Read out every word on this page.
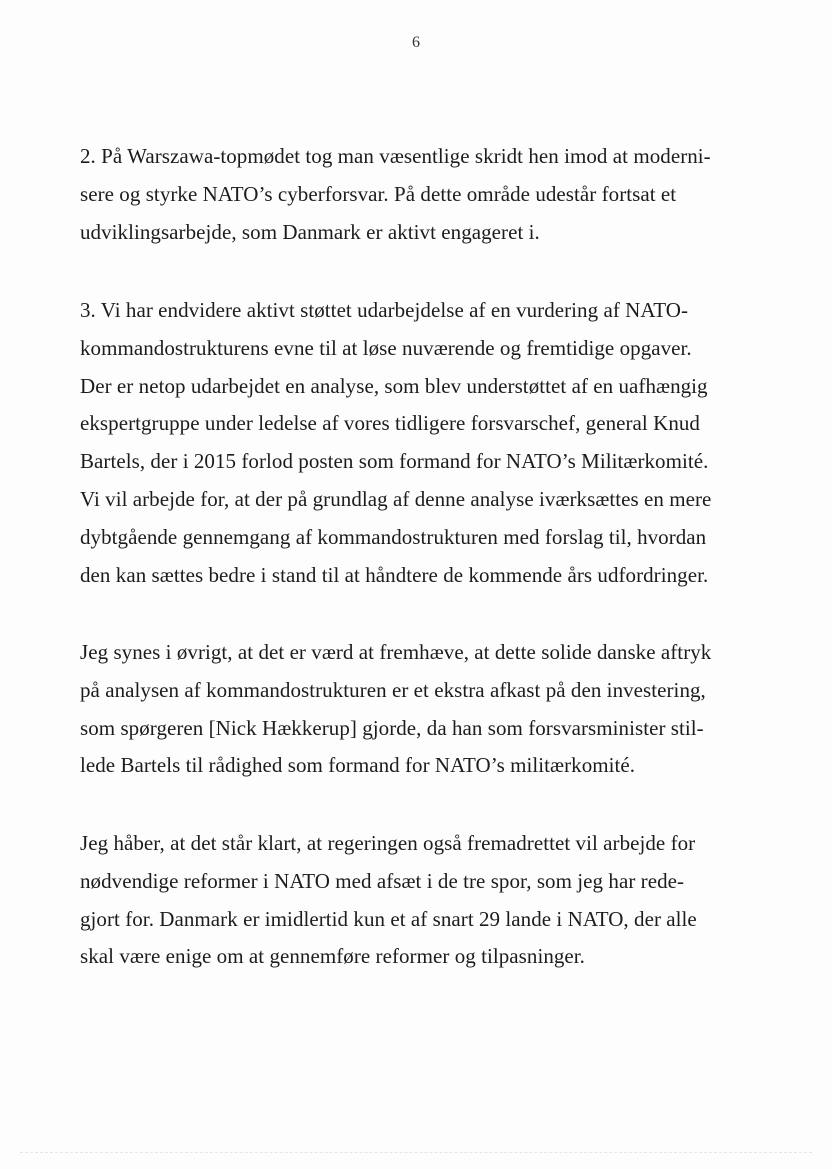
6
2. På Warszawa-topmødet tog man væsentlige skridt hen imod at moderni-
sere og styrke NATO’s cyberforsvar. På dette område udestår fortsat et
udviklingsarbejde, som Danmark er aktivt engageret i.
3. Vi har endvidere aktivt støttet udarbejdelse af en vurdering af NATO-
kommandostrukturens evne til at løse nuværende og fremtidige opgaver.
Der er netop udarbejdet en analyse, som blev understøttet af en uafhængig
ekspertgruppe under ledelse af vores tidligere forsvarschef, general Knud
Bartels, der i 2015 forlod posten som formand for NATO’s Militærkomité.
Vi vil arbejde for, at der på grundlag af denne analyse iværksættes en mere
dybtgående gennemgang af kommandostrukturen med forslag til, hvordan
den kan sættes bedre i stand til at håndtere de kommende års udfordringer.
Jeg synes i øvrigt, at det er værd at fremhæve, at dette solide danske aftryk
på analysen af kommandostrukturen er et ekstra afkast på den investering,
som spørgeren [Nick Hækkerup] gjorde, da han som forsvarsminister stil-
lede Bartels til rådighed som formand for NATO’s militærkomité.
Jeg håber, at det står klart, at regeringen også fremadrettet vil arbejde for
nødvendige reformer i NATO med afsæt i de tre spor, som jeg har rede-
gjort for. Danmark er imidlertid kun et af snart 29 lande i NATO, der alle
skal være enige om at gennemføre reformer og tilpasninger.
